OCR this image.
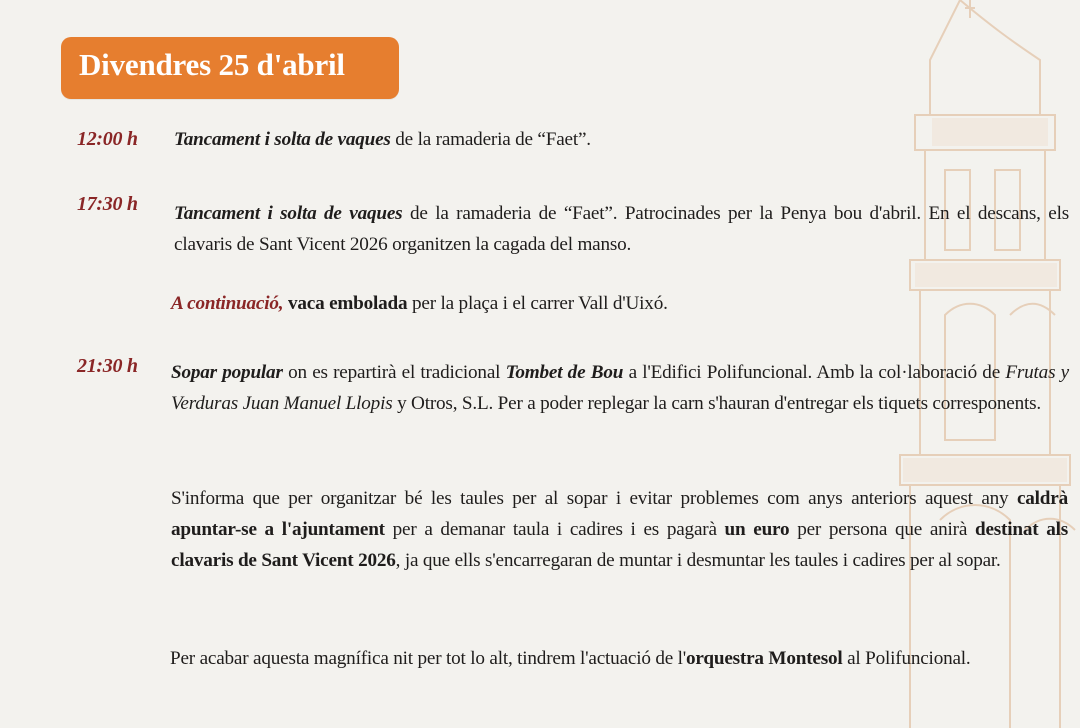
Divendres 25 d'abril
12:00 h Tancament i solta de vaques de la ramaderia de “Faet”.
17:30 h Tancament i solta de vaques de la ramaderia de “Faet”. Patrocinades per la Penya bou d'abril. En el descans, els clavaris de Sant Vicent 2026 organitzen la cagada del manso.
A continuació, vaca embolada per la plaça i el carrer Vall d'Uixó.
21:30 h Sopar popular on es repartirà el tradicional Tombet de Bou a l'Edifici Polifuncional. Amb la col·laboració de Frutas y Verduras Juan Manuel Llopis y Otros, S.L. Per a poder replegar la carn s'hauran d'entregar els tiquets corresponents.
S'informa que per organitzar bé les taules per al sopar i evitar problemes com anys anteriors aquest any caldrà apuntar-se a l'ajuntament per a demanar taula i cadires i es pagarà un euro per persona que anirà destinat als clavaris de Sant Vicent 2026, ja que ells s'encarregaran de muntar i desmuntar les taules i cadires per al sopar.
Per acabar aquesta magnífica nit per tot lo alt, tindrem l'actuació de l'orquestra Montesol al Polifuncional.
